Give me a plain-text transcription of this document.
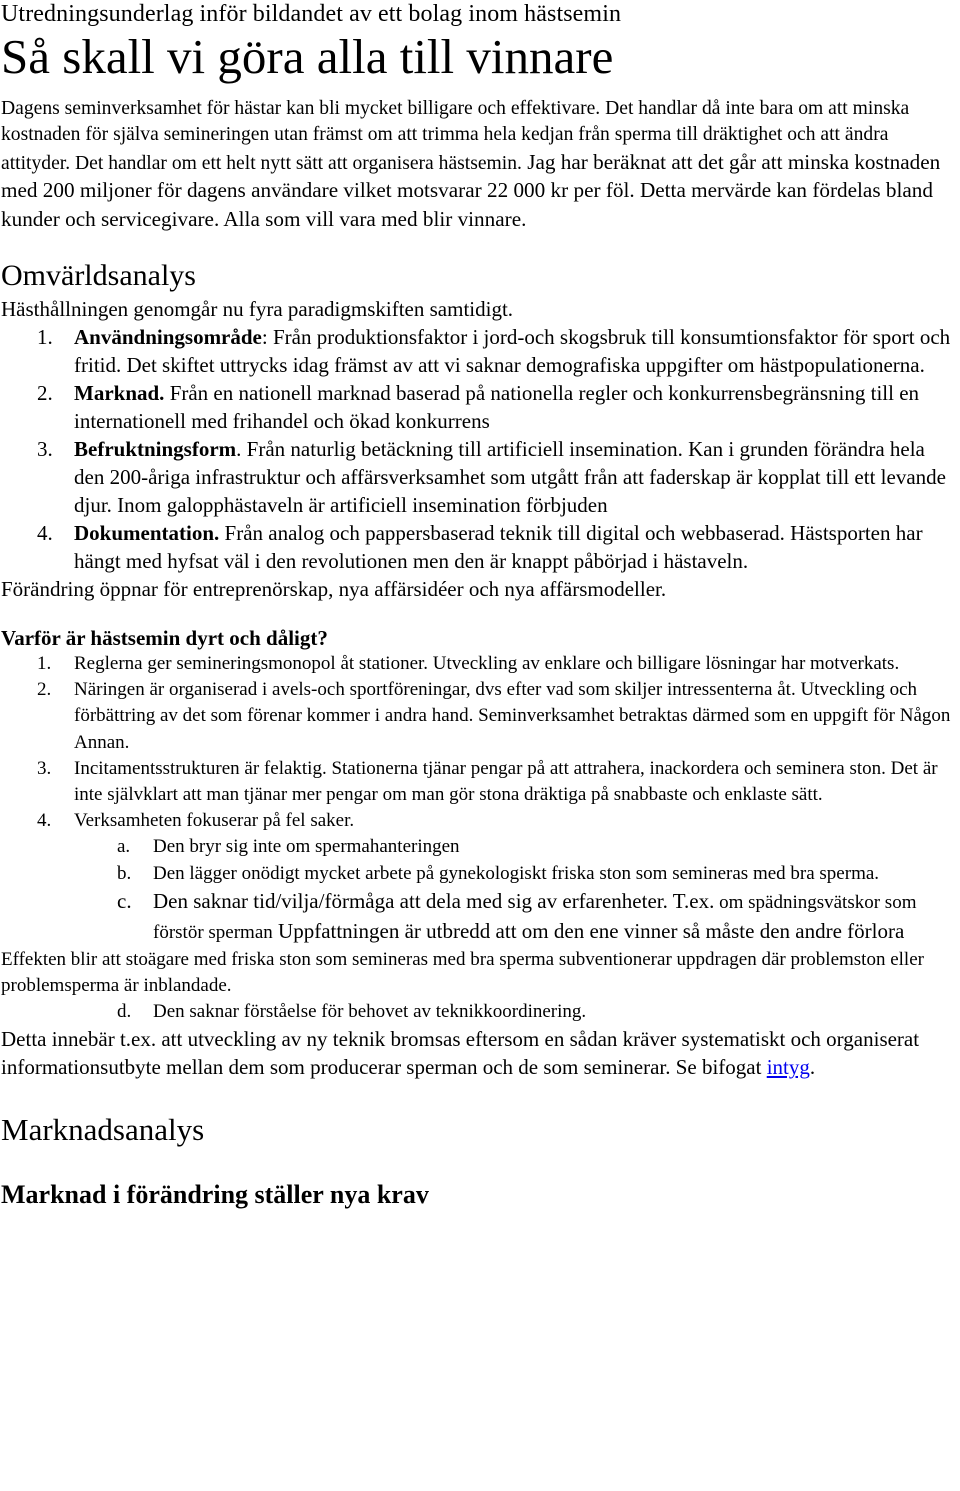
Utredningsunderlag inför bildandet av ett bolag inom hästsemin

Så skall vi göra alla till vinnare

Dagens seminverksamhet för hästar kan bli mycket billigare och effektivare. Det handlar då inte bara om att minska kostnaden för själva semineringen utan främst om att trimma hela kedjan från sperma till dräktighet och att ändra attityder. Det handlar om ett helt nytt sätt att organisera hästsemin. Jag har beräknat att det går att minska kostnaden med 200 miljoner för dagens användare vilket motsvarar 22 000 kr per föl. Detta mervärde kan fördelas bland kunder och servicegivare. Alla som vill vara med blir vinnare.

Omvärldsanalys

Hästhållningen genomgår nu fyra paradigmskiften samtidigt.

1. Användningsområde: Från produktionsfaktor i jord-och skogsbruk till konsumtionsfaktor för sport och fritid. Det skiftet uttrycks idag främst av att vi saknar demografiska uppgifter om hästpopulationerna.
2. Marknad. Från en nationell marknad baserad på nationella regler och konkurrensbegränsning till en internationell med frihandel och ökad konkurrens
3. Befruktningsform. Från naturlig betäckning till artificiell insemination. Kan i grunden förändra hela den 200-åriga infrastruktur och affärsverksamhet som utgått från att faderskap är kopplat till ett levande djur. Inom galopphästaveln är artificiell insemination förbjuden
4. Dokumentation. Från analog och pappersbaserad teknik till digital och webbaserad. Hästsporten har hängt med hyfsat väl i den revolutionen men den är knappt påbörjad i hästaveln.

Förändring öppnar för entreprenörskap, nya affärsidéer och nya affärsmodeller.

Varför är hästsemin dyrt och dåligt?
1. Reglerna ger semineringsmonopol åt stationer. Utveckling av enklare och billigare lösningar har motverkats.
2. Näringen är organiserad i avels-och sportföreningar, dvs efter vad som skiljer intressenterna åt. Utveckling och förbättring av det som förenar kommer i andra hand. Seminverksamhet betraktas därmed som en uppgift för Någon Annan.
3. Incitamentsstrukturen är felaktig. Stationerna tjänar pengar på att attrahera, inackordera och seminera ston. Det är inte självklart att man tjänar mer pengar om man gör stona dräktiga på snabbaste och enklaste sätt.
4. Verksamheten fokuserar på fel saker.
a. Den bryr sig inte om spermahanteringen
b. Den lägger onödigt mycket arbete på gynekologiskt friska ston som semineras med bra sperma.
c. Den saknar tid/vilja/förmåga att dela med sig av erfarenheter. T.ex. om spädningsvätskor som förstör sperman Uppfattningen är utbredd att om den ene vinner så måste den andre förlora

Effekten blir att stoägare med friska ston som semineras med bra sperma subventionerar uppdragen där problemston eller problemsperma är inblandade.

d. Den saknar förståelse för behovet av teknikkoordinering.

Detta innebär t.ex. att utveckling av ny teknik bromsas eftersom en sådan kräver systematiskt och organiserat informationsutbyte mellan dem som producerar sperman och de som seminerar. Se bifogat intyg.

Marknadsanalys
Marknad i förändring ställer nya krav
